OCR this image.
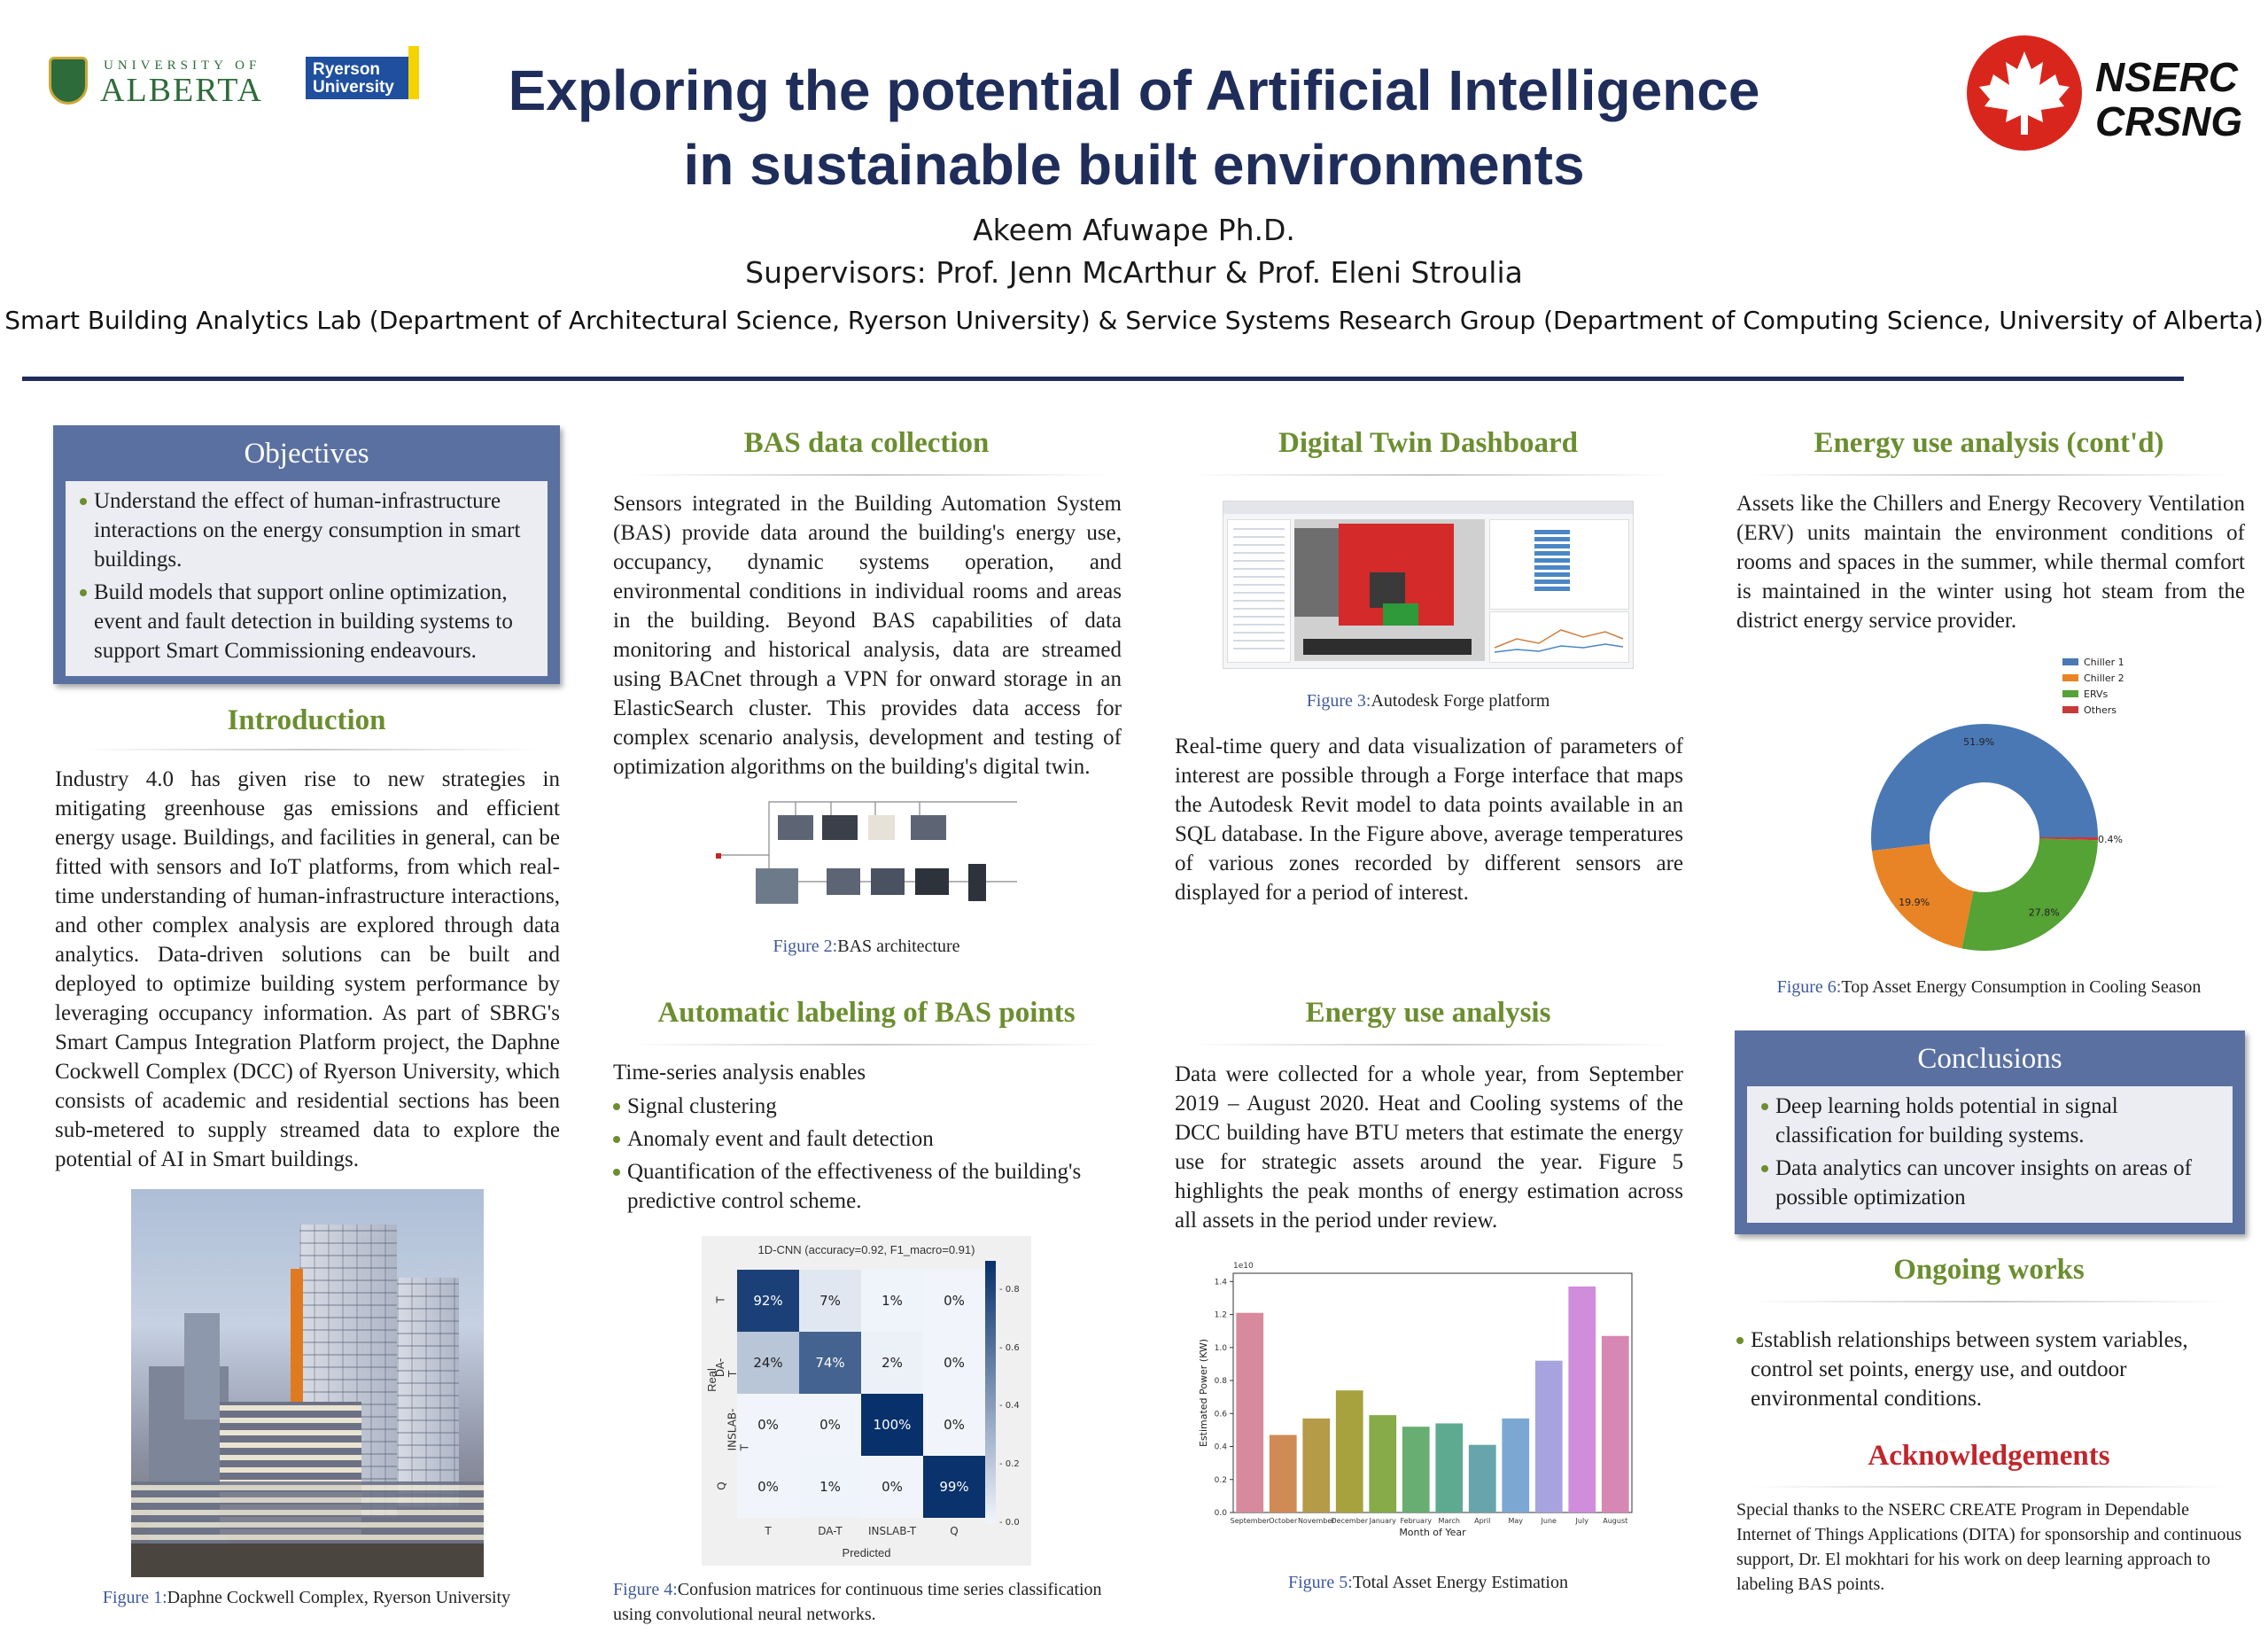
UNIVERSITY OF
ALBERTA
Ryerson University	NSERC
CRSNG
Exploring the potential of Artificial Intelligence
in sustainable built environments
Akeem Afuwape Ph.D.
Supervisors: Prof. Jenn McArthur & Prof. Eleni Stroulia
Smart Building Analytics Lab (Department of Architectural Science, Ryerson University) & Service Systems Research Group (Department of Computing Science, University of Alberta)
Objectives
Understand the effect of human-infrastructure interactions on the energy consumption in smart buildings.
Build models that support online optimization, event and fault detection in building systems to support Smart Commissioning endeavours.
Introduction
Industry 4.0 has given rise to new strategies in mitigating greenhouse gas emissions and efficient energy usage. Buildings, and facilities in general, can be fitted with sensors and IoT platforms, from which real-time understanding of human-infrastructure interactions, and other complex analysis are explored through data analytics. Data-driven solutions can be built and deployed to optimize building system performance by leveraging occupancy information. As part of SBRG's Smart Campus Integration Platform project, the Daphne Cockwell Complex (DCC) of Ryerson University, which consists of academic and residential sections has been sub-metered to supply streamed data to explore the potential of AI in Smart buildings.
Figure 1:Daphne Cockwell Complex, Ryerson University
BAS data collection
Sensors integrated in the Building Automation System (BAS) provide data around the building's energy use, occupancy, dynamic systems operation, and environmental conditions in individual rooms and areas in the building. Beyond BAS capabilities of data monitoring and historical analysis, data are streamed using BACnet through a VPN for onward storage in an ElasticSearch cluster. This provides data access for complex scenario analysis, development and testing of optimization algorithms on the building's digital twin.
Figure 2:BAS architecture
Automatic labeling of BAS points
Time-series analysis enables
Signal clustering
Anomaly event and fault detection
Quantification of the effectiveness of the building's predictive control scheme.
1D-CNN (accuracy=0.92, F1_macro=0.91)
Real
Predicted
92%	7%	1%	0%
24%	74%	2%	0%
0%	0%	100%	0%
0%	1%	0%	99%
T
DA-T
INSLAB-T
Q
T	DA-T	INSLAB-T	Q
- 0.0
- 0.2
- 0.4
- 0.6
- 0.8
Figure 4:Confusion matrices for continuous time series classification using convolutional neural networks.
Digital Twin Dashboard
Figure 3:Autodesk Forge platform
Real-time query and data visualization of parameters of interest are possible through a Forge interface that maps the Autodesk Revit model to data points available in an SQL database. In the Figure above, average temperatures of various zones recorded by different sensors are displayed for a period of interest.
Energy use analysis
Data were collected for a whole year, from September 2019 – August 2020. Heat and Cooling systems of the DCC building have BTU meters that estimate the energy use for strategic assets around the year. Figure 5 highlights the peak months of energy estimation across all assets in the period under review.
1e10
0.0
0.2
0.4
0.6
0.8
1.0
1.2
1.4
September October November
December January February March April	May	June	July August
Month of Year
Estimated Power (KW)
Figure 5:Total Asset Energy Estimation
Energy use analysis (cont'd)
Assets like the Chillers and Energy Recovery Ventilation (ERV) units maintain the environment conditions of rooms and spaces in the summer, while thermal comfort is maintained in the winter using hot steam from the district energy service provider.
51.9%
19.9%
27.8%
0.4%
Chiller 1
Chiller 2
ERVs
Others
Figure 6:Top Asset Energy Consumption in Cooling Season
Conclusions
Deep learning holds potential in signal classification for building systems.
Data analytics can uncover insights on areas of possible optimization
Ongoing works
Establish relationships between system variables, control set points, energy use, and outdoor environmental conditions.
Acknowledgements
Special thanks to the NSERC CREATE Program in Dependable Internet of Things Applications (DITA) for sponsorship and continuous support, Dr. El mokhtari for his work on deep learning approach to labeling BAS points.
